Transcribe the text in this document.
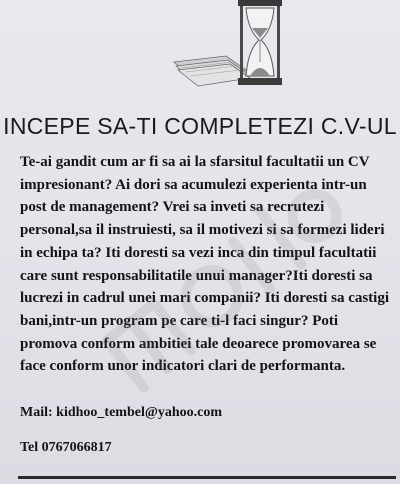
INCEPE SA-TI COMPLETEZI C.V-UL

Te-ai gandit cum ar fi sa ai la sfarsitul facultatii un CV impresionant? Ai dori sa acumulezi experienta intr-un post de management? Vrei sa inveti sa recrutezi personal,sa il instruiesti, sa il motivezi si sa formezi lideri in echipa ta? Iti doresti sa vezi inca din timpul facultatii care sunt responsabilitatile unui manager?Iti doresti sa lucrezi in cadrul unei mari companii? Iti doresti sa castigi bani,intr-un program pe care ti-l faci singur? Poti promova conform ambitiei tale deoarece promovarea se face conform unor indicatori clari de performanta.

Mail: kidhoo_tembel@yahoo.com
Tel 0767066817
